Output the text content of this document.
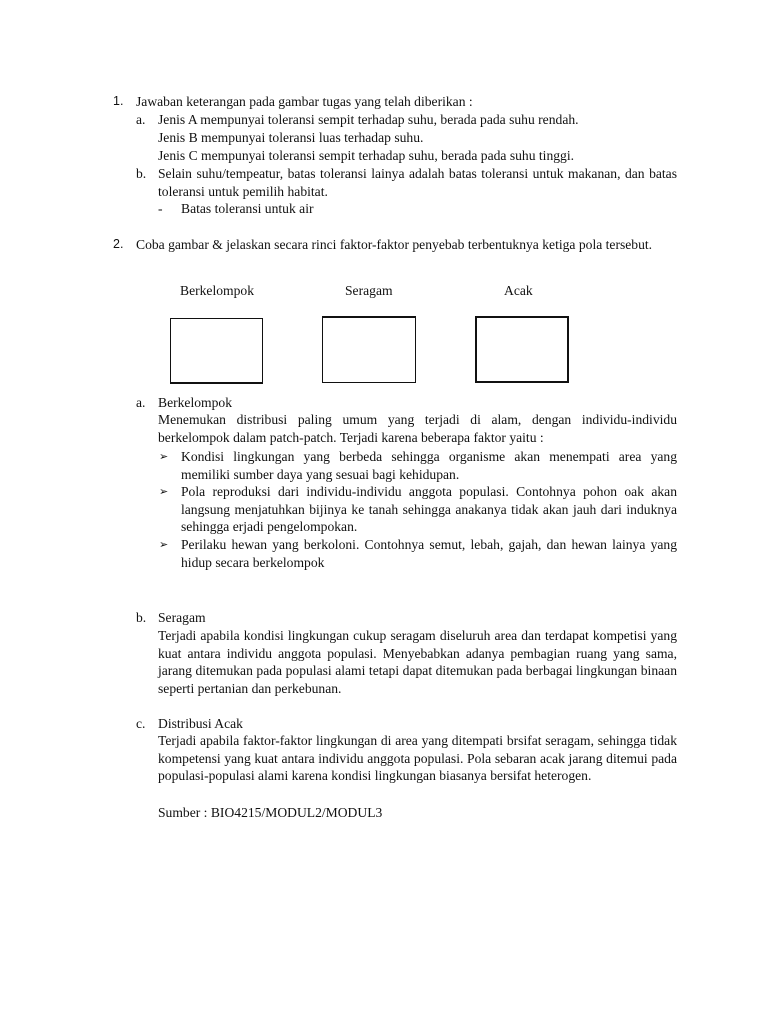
1. Jawaban keterangan pada gambar tugas yang telah diberikan :
a. Jenis A mempunyai toleransi sempit terhadap suhu, berada pada suhu rendah.
Jenis B mempunyai toleransi luas terhadap suhu.
Jenis C mempunyai toleransi sempit terhadap suhu, berada pada suhu tinggi.
b. Selain suhu/tempeatur, batas toleransi lainya adalah batas toleransi untuk makanan, dan batas toleransi untuk pemilih habitat.
- Batas toleransi untuk air
2. Coba gambar & jelaskan secara rinci faktor-faktor penyebab terbentuknya ketiga pola tersebut.
Berkelompok	Seragam	Acak
a. Berkelompok
Menemukan distribusi paling umum yang terjadi di alam, dengan individu-individu berkelompok dalam patch-patch. Terjadi karena beberapa faktor yaitu :
➢ Kondisi lingkungan yang berbeda sehingga organisme akan menempati area yang memiliki sumber daya yang sesuai bagi kehidupan.
➢ Pola reproduksi dari individu-individu anggota populasi. Contohnya pohon oak akan langsung menjatuhkan bijinya ke tanah sehingga anakanya tidak akan jauh dari induknya sehingga erjadi pengelompokan.
➢ Perilaku hewan yang berkoloni. Contohnya semut, lebah, gajah, dan hewan lainya yang hidup secara berkelompok
b. Seragam
Terjadi apabila kondisi lingkungan cukup seragam diseluruh area dan terdapat kompetisi yang kuat antara individu anggota populasi. Menyebabkan adanya pembagian ruang yang sama, jarang ditemukan pada populasi alami tetapi dapat ditemukan pada berbagai lingkungan binaan seperti pertanian dan perkebunan.
c. Distribusi Acak
Terjadi apabila faktor-faktor lingkungan di area yang ditempati brsifat seragam, sehingga tidak kompetensi yang kuat antara individu anggota populasi. Pola sebaran acak jarang ditemui pada populasi-populasi alami karena kondisi lingkungan biasanya bersifat heterogen.
Sumber : BIO4215/MODUL2/MODUL3
